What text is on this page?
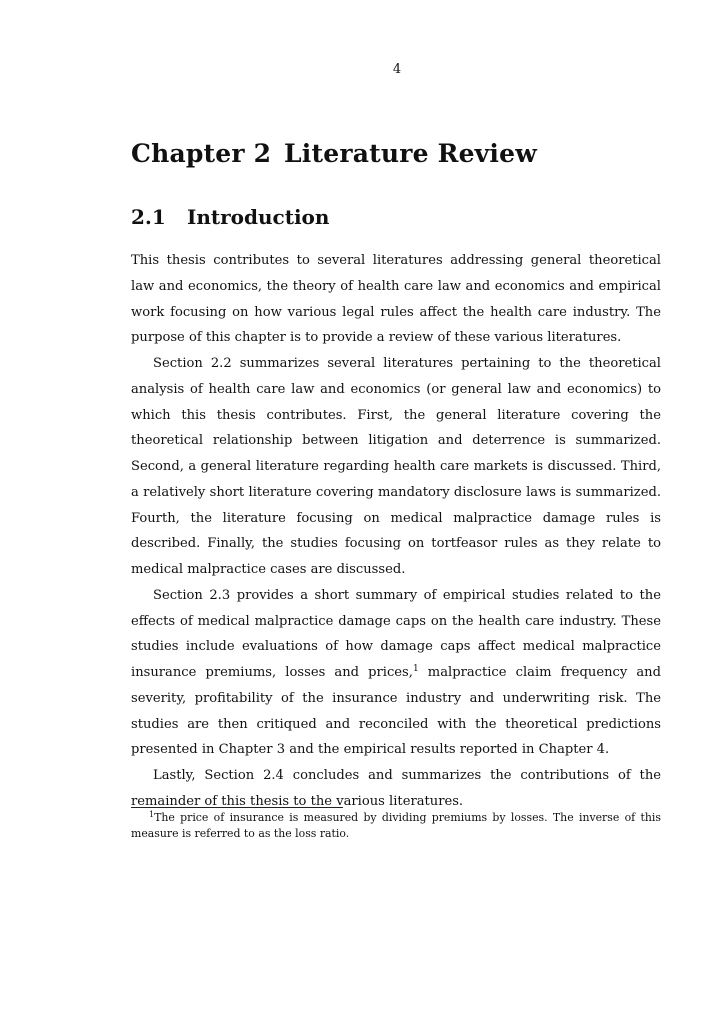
4
Chapter 2 Literature Review
2.1 Introduction

This thesis contributes to several literatures addressing general theoretical law and economics, the theory of health care law and economics and empirical work focusing on how various legal rules affect the health care industry. The purpose of this chapter is to provide a review of these various literatures.

Section 2.2 summarizes several literatures pertaining to the theoretical analysis of health care law and economics (or general law and economics) to which this thesis contributes. First, the general literature covering the theoretical relationship between litigation and deterrence is summarized. Second, a general literature regarding health care markets is discussed. Third, a relatively short literature covering mandatory disclosure laws is summarized. Fourth, the literature focusing on medical malpractice damage rules is described. Finally, the studies focusing on tortfeasor rules as they relate to medical malpractice cases are discussed.

Section 2.3 provides a short summary of empirical studies related to the effects of medical malpractice damage caps on the health care industry. These studies include evaluations of how damage caps affect medical malpractice insurance premiums, losses and prices,$^1$ malpractice claim frequency and severity, profitability of the insurance industry and underwriting risk. The studies are then critiqued and reconciled with the theoretical predictions presented in Chapter 3 and the empirical results reported in Chapter 4.

Lastly, Section 2.4 concludes and summarizes the contributions of the remainder of this thesis to the various literatures.

$^1$The price of insurance is measured by dividing premiums by losses. The inverse of this measure is referred to as the loss ratio.
